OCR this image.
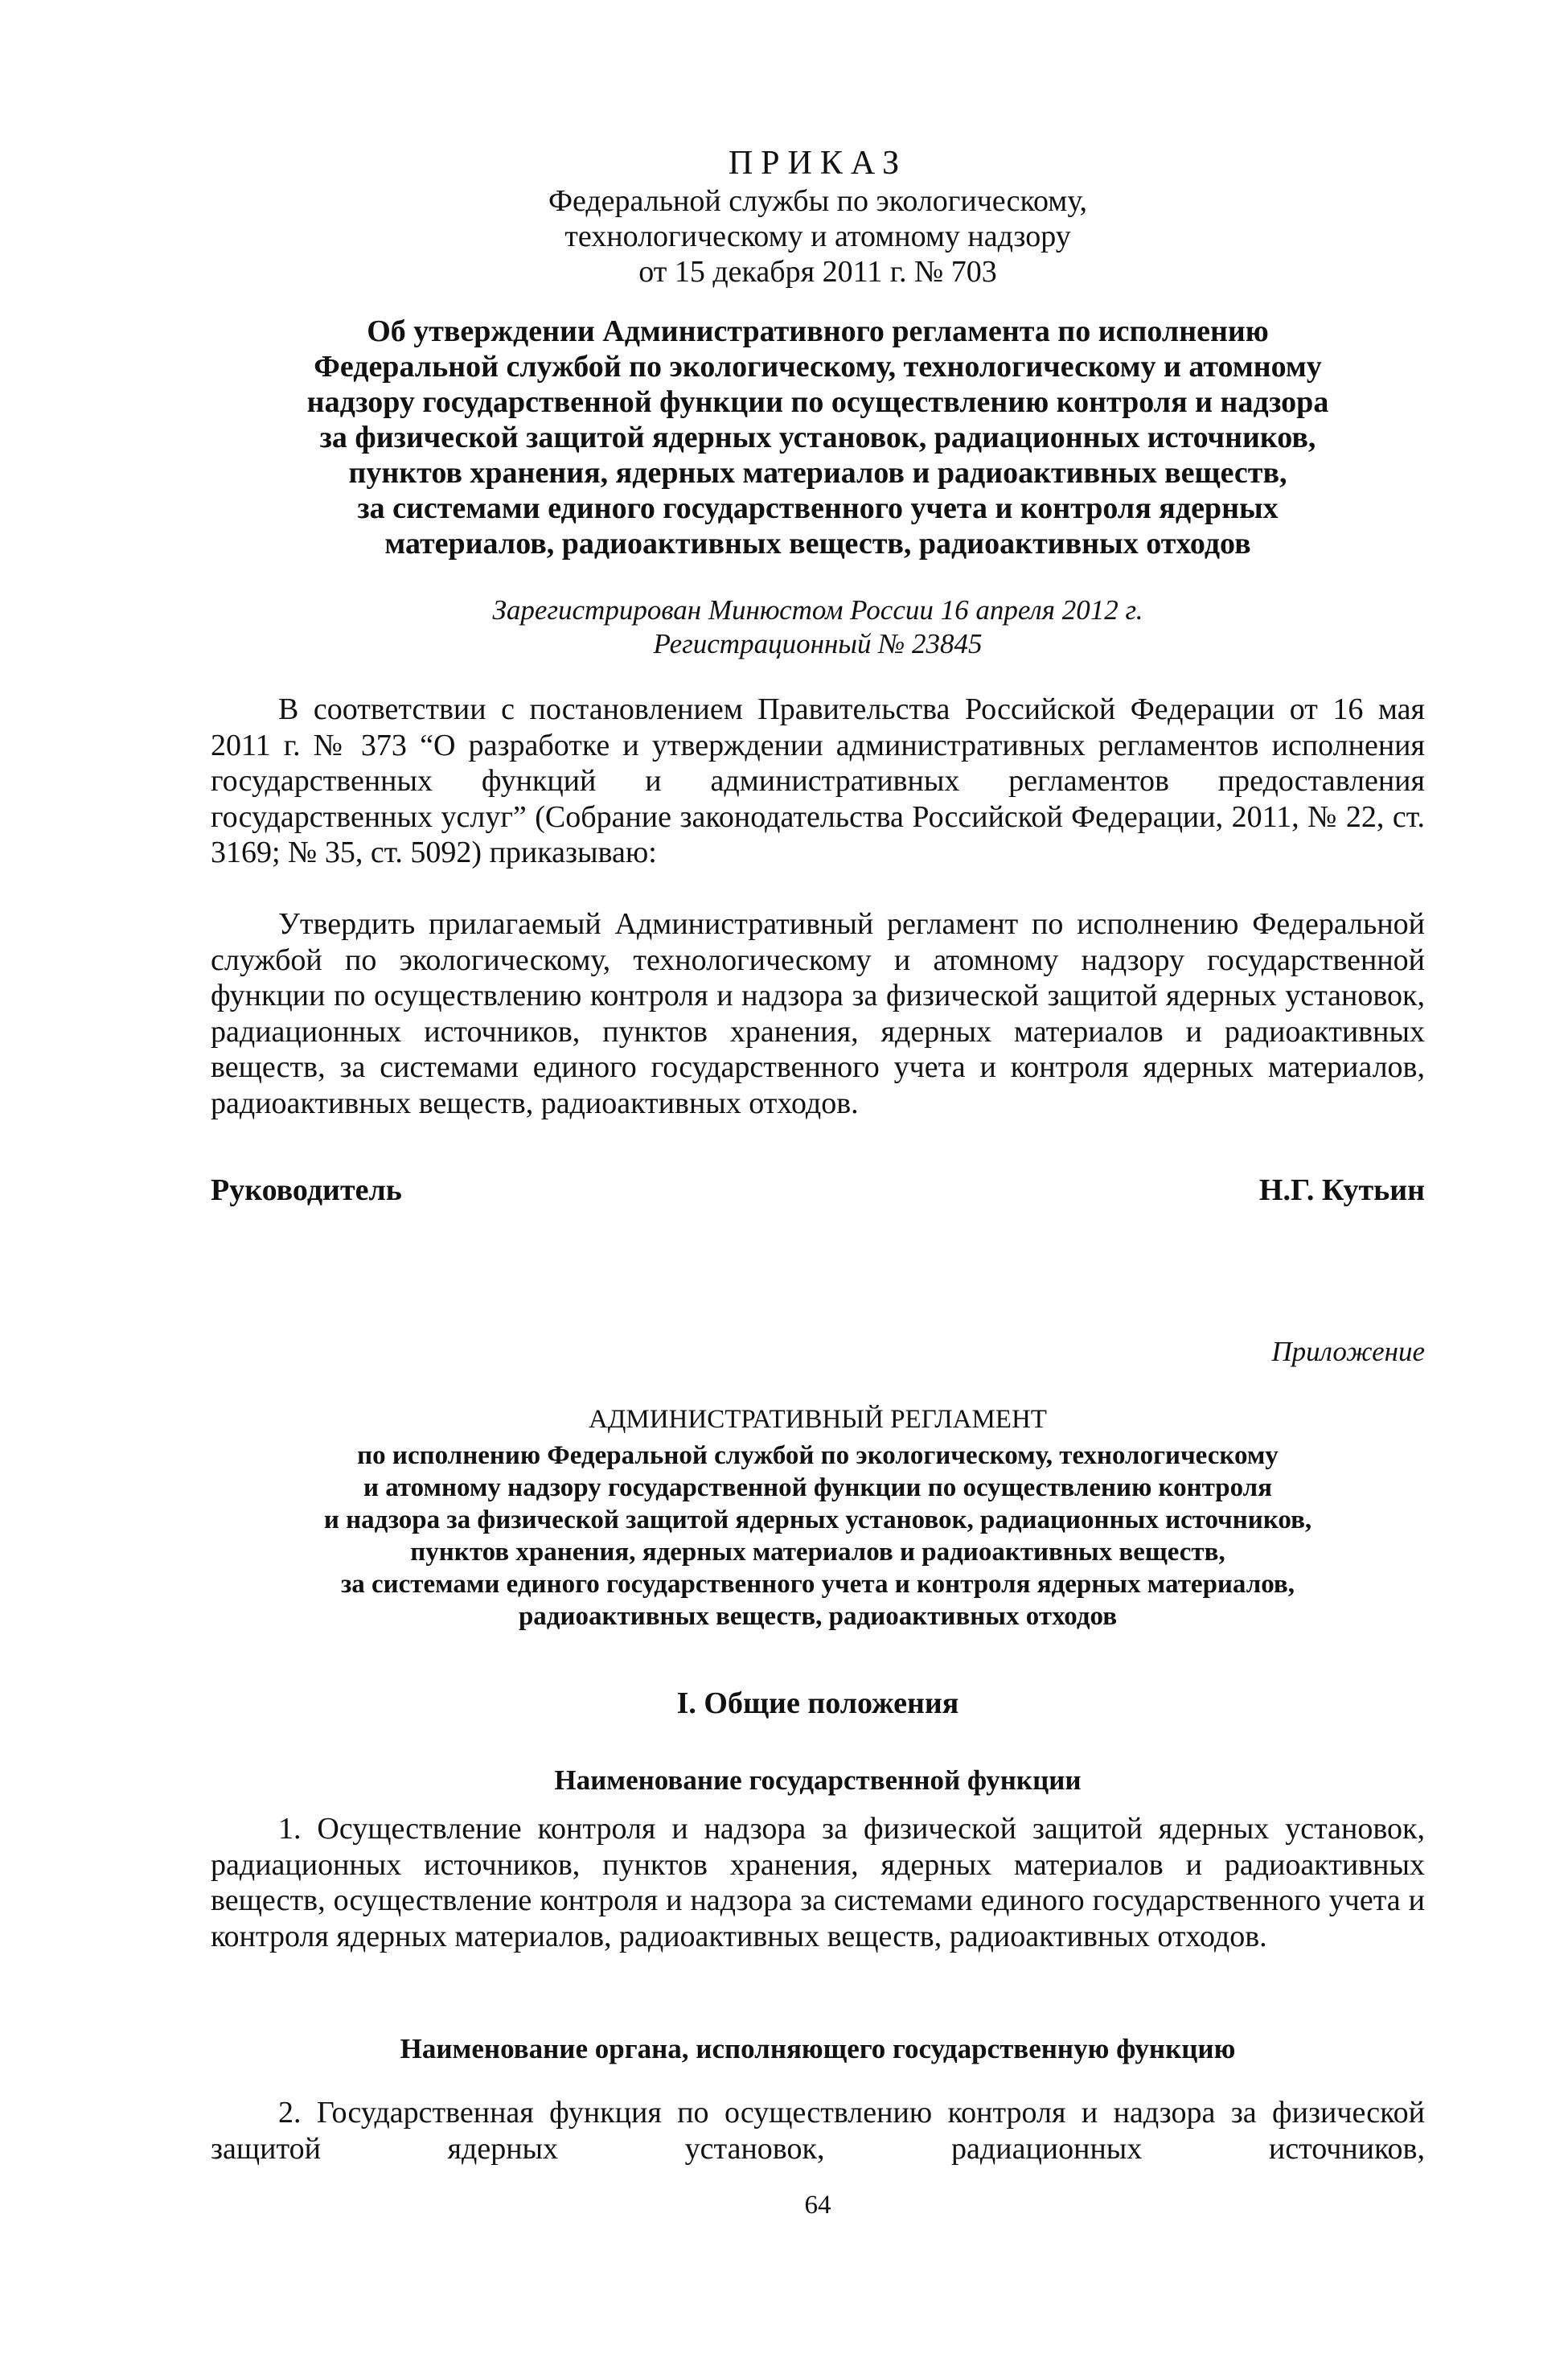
ПРИКАЗ
Федеральной службы по экологическому,
технологическому и атомному надзору
от 15 декабря 2011 г. № 703
Об утверждении Административного регламента по исполнению
Федеральной службой по экологическому, технологическому и атомному
надзору государственной функции по осуществлению контроля и надзора
за физической защитой ядерных установок, радиационных источников,
пунктов хранения, ядерных материалов и радиоактивных веществ,
за системами единого государственного учета и контроля ядерных
материалов, радиоактивных веществ, радиоактивных отходов
Зарегистрирован Минюстом России 16 апреля 2012 г.
Регистрационный № 23845

В соответствии с постановлением Правительства Российской Федерации от 16 мая 2011 г. № 373 “О разработке и утверждении административных регламентов исполнения государственных функций и административных регламентов предоставления государственных услуг” (Собрание законодательства Российской Федерации, 2011, № 22, ст. 3169; № 35, ст. 5092) приказываю:

Утвердить прилагаемый Административный регламент по исполнению Федеральной службой по экологическому, технологическому и атомному надзору государственной функции по осуществлению контроля и надзора за физической защитой ядерных установок, радиационных источников, пунктов хранения, ядерных материалов и радиоактивных веществ, за системами единого государственного учета и контроля ядерных материалов, радиоактивных веществ, радиоактивных отходов.

Руководитель	Н.Г. Кутьин
Приложение
АДМИНИСТРАТИВНЫЙ РЕГЛАМЕНТ
по исполнению Федеральной службой по экологическому, технологическому
и атомному надзору государственной функции по осуществлению контроля
и надзора за физической защитой ядерных установок, радиационных источников,
пунктов хранения, ядерных материалов и радиоактивных веществ,
за системами единого государственного учета и контроля ядерных материалов,
радиоактивных веществ, радиоактивных отходов
I. Общие положения
Наименование государственной функции

1. Осуществление контроля и надзора за физической защитой ядерных установок, радиационных источников, пунктов хранения, ядерных материалов и радиоактивных веществ, осуществление контроля и надзора за системами единого государственного учета и контроля ядерных материалов, радиоактивных веществ, радиоактивных отходов.

Наименование органа, исполняющего государственную функцию

2. Государственная функция по осуществлению контроля и надзора за физической защитой ядерных установок, радиационных источников,

64
